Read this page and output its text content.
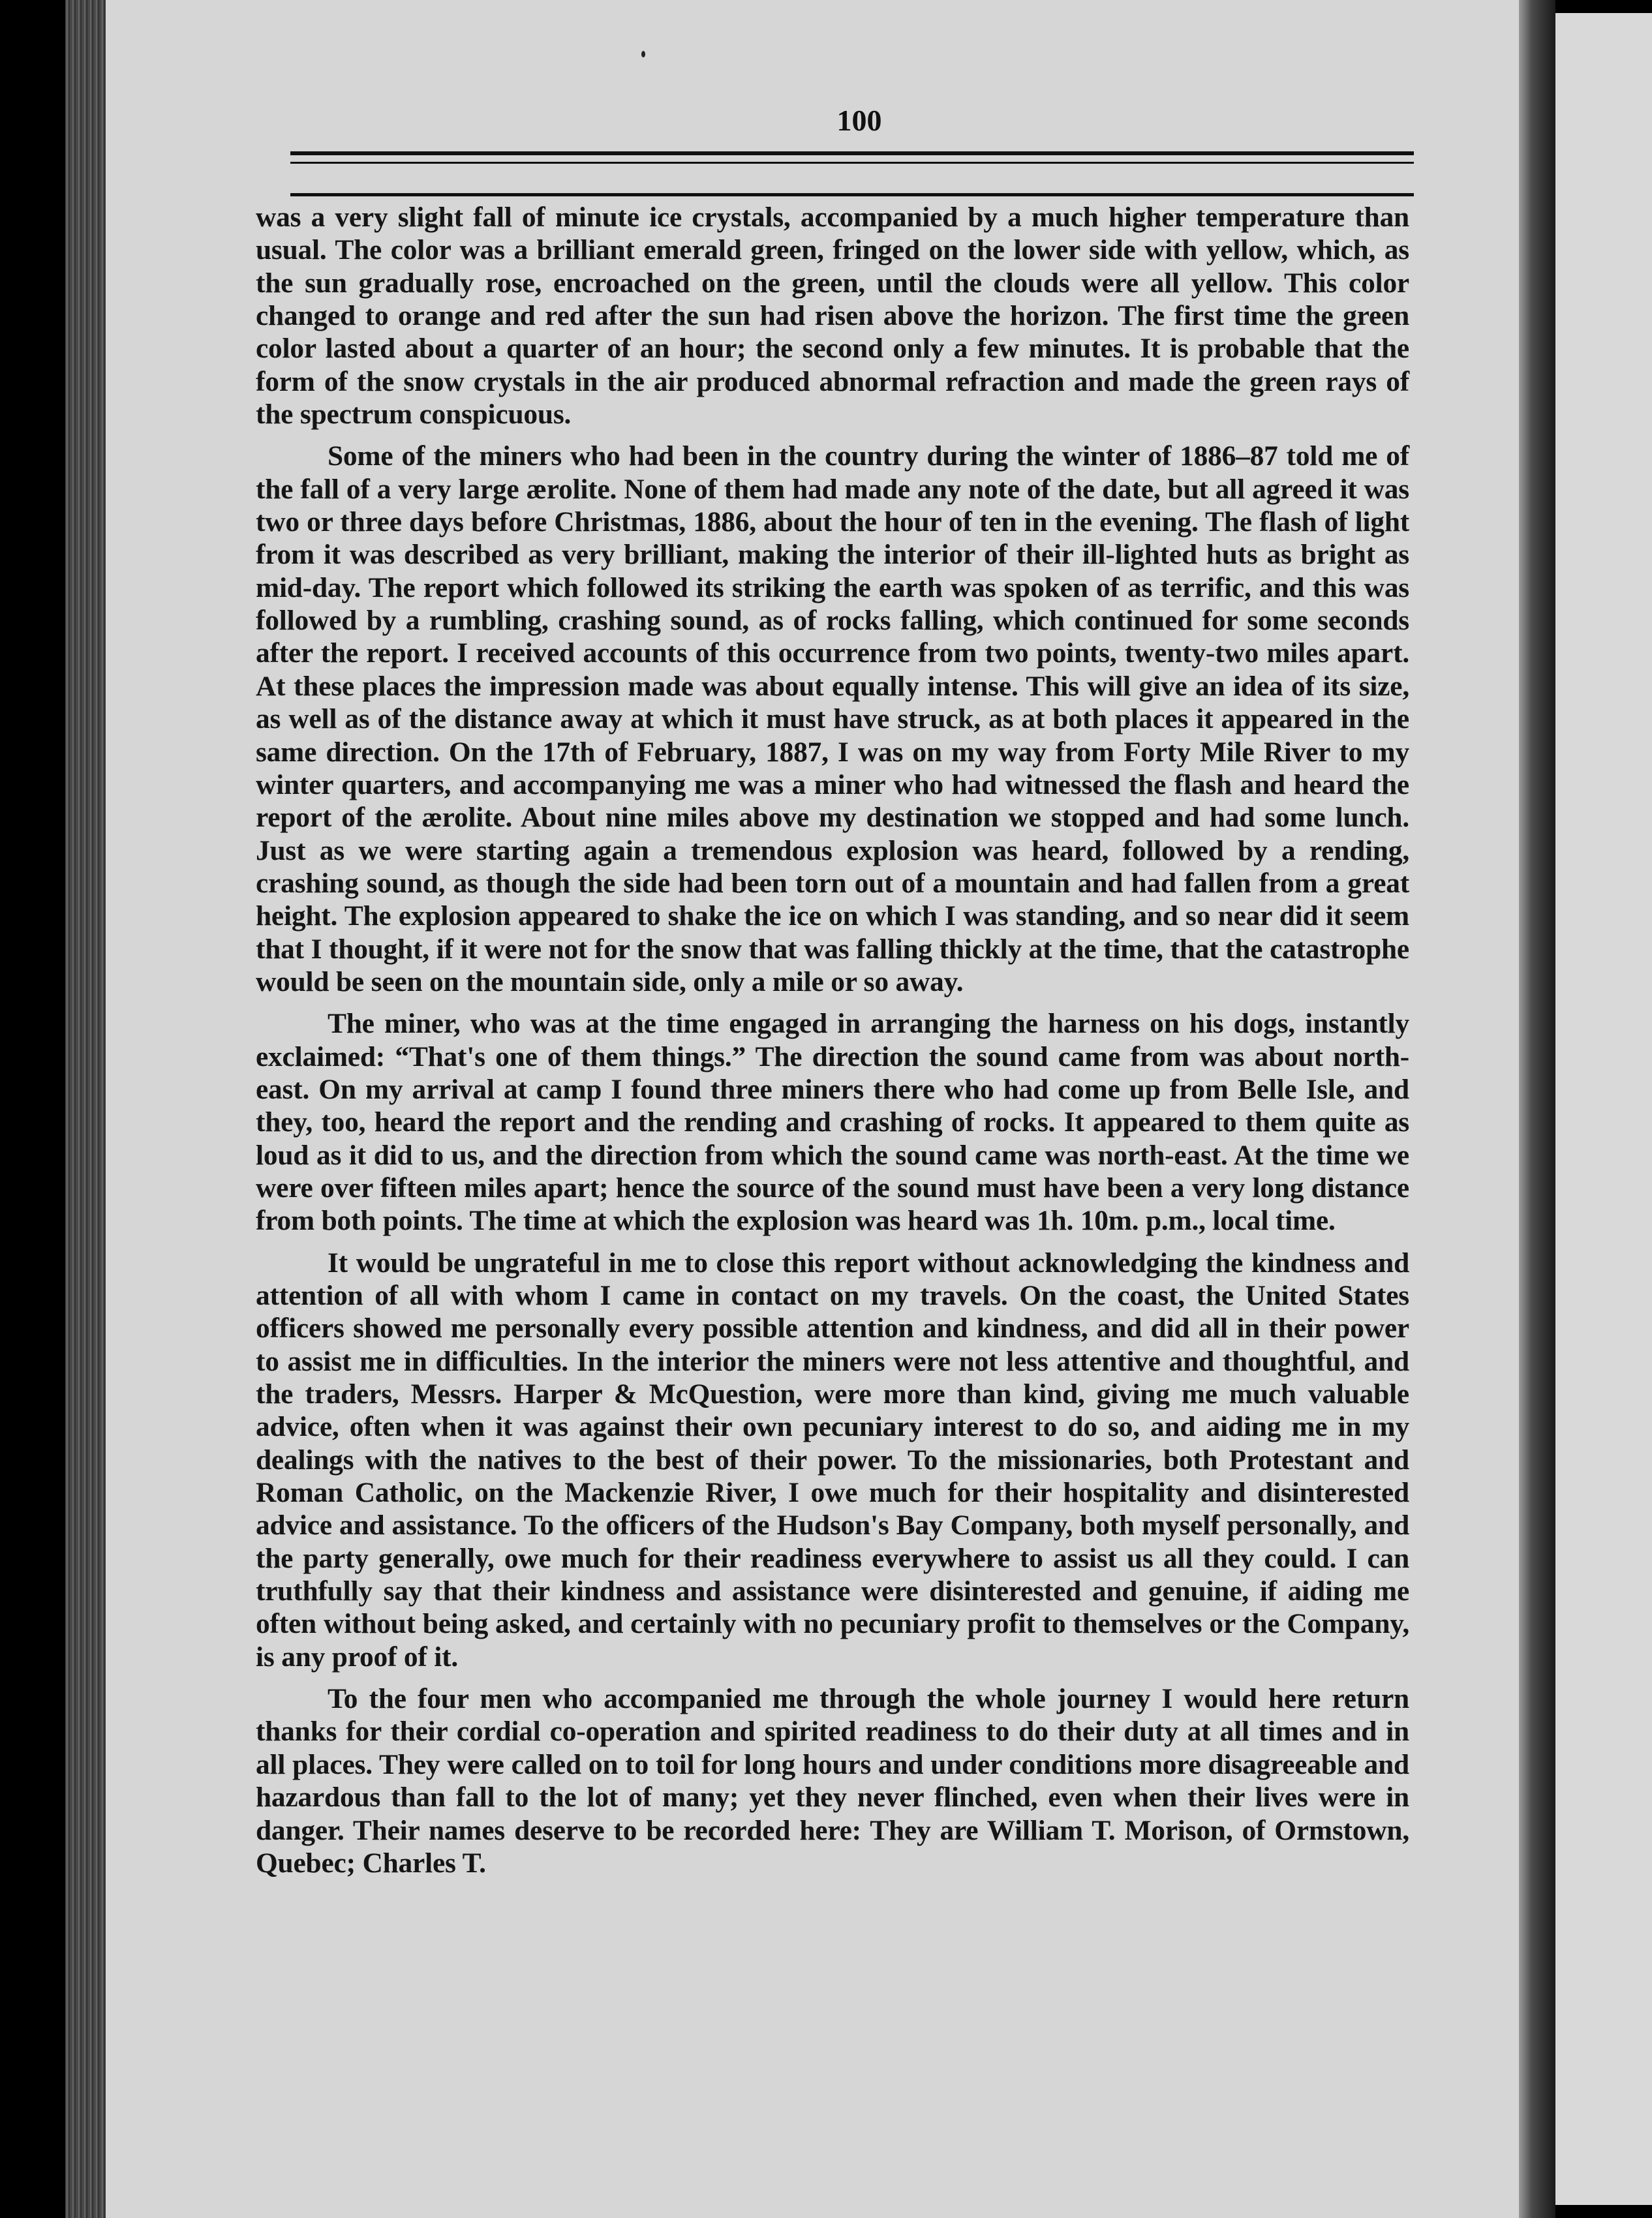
100

was a very slight fall of minute ice crystals, accompanied by a much higher temperature than usual. The color was a brilliant emerald green, fringed on the lower side with yellow, which, as the sun gradually rose, encroached on the green, until the clouds were all yellow. This color changed to orange and red after the sun had risen above the horizon. The first time the green color lasted about a quarter of an hour; the second only a few minutes. It is probable that the form of the snow crystals in the air produced abnormal refraction and made the green rays of the spectrum conspicuous.

Some of the miners who had been in the country during the winter of 1886–87 told me of the fall of a very large ærolite. None of them had made any note of the date, but all agreed it was two or three days before Christmas, 1886, about the hour of ten in the evening. The flash of light from it was described as very brilliant, making the interior of their ill-lighted huts as bright as mid-day. The report which followed its striking the earth was spoken of as terrific, and this was followed by a rumbling, crashing sound, as of rocks falling, which continued for some seconds after the report. I received accounts of this occurrence from two points, twenty-two miles apart. At these places the impression made was about equally intense. This will give an idea of its size, as well as of the distance away at which it must have struck, as at both places it appeared in the same direction. On the 17th of February, 1887, I was on my way from Forty Mile River to my winter quarters, and accompanying me was a miner who had witnessed the flash and heard the report of the ærolite. About nine miles above my destination we stopped and had some lunch. Just as we were starting again a tremendous explosion was heard, followed by a rending, crashing sound, as though the side had been torn out of a mountain and had fallen from a great height. The explosion appeared to shake the ice on which I was standing, and so near did it seem that I thought, if it were not for the snow that was falling thickly at the time, that the catastrophe would be seen on the mountain side, only a mile or so away.

The miner, who was at the time engaged in arranging the harness on his dogs, instantly exclaimed: “That's one of them things.” The direction the sound came from was about north-east. On my arrival at camp I found three miners there who had come up from Belle Isle, and they, too, heard the report and the rending and crashing of rocks. It appeared to them quite as loud as it did to us, and the direction from which the sound came was north-east. At the time we were over fifteen miles apart; hence the source of the sound must have been a very long distance from both points. The time at which the explosion was heard was 1h. 10m. p.m., local time.

It would be ungrateful in me to close this report without acknowledging the kindness and attention of all with whom I came in contact on my travels. On the coast, the United States officers showed me personally every possible attention and kindness, and did all in their power to assist me in difficulties. In the interior the miners were not less attentive and thoughtful, and the traders, Messrs. Harper & McQuestion, were more than kind, giving me much valuable advice, often when it was against their own pecuniary interest to do so, and aiding me in my dealings with the natives to the best of their power. To the missionaries, both Protestant and Roman Catholic, on the Mackenzie River, I owe much for their hospitality and disinterested advice and assistance. To the officers of the Hudson's Bay Company, both myself personally, and the party generally, owe much for their readiness everywhere to assist us all they could. I can truthfully say that their kindness and assistance were disinterested and genuine, if aiding me often without being asked, and certainly with no pecuniary profit to themselves or the Company, is any proof of it.

To the four men who accompanied me through the whole journey I would here return thanks for their cordial co-operation and spirited readiness to do their duty at all times and in all places. They were called on to toil for long hours and under conditions more disagreeable and hazardous than fall to the lot of many; yet they never flinched, even when their lives were in danger. Their names deserve to be recorded here: They are William T. Morison, of Ormstown, Quebec; Charles T.
